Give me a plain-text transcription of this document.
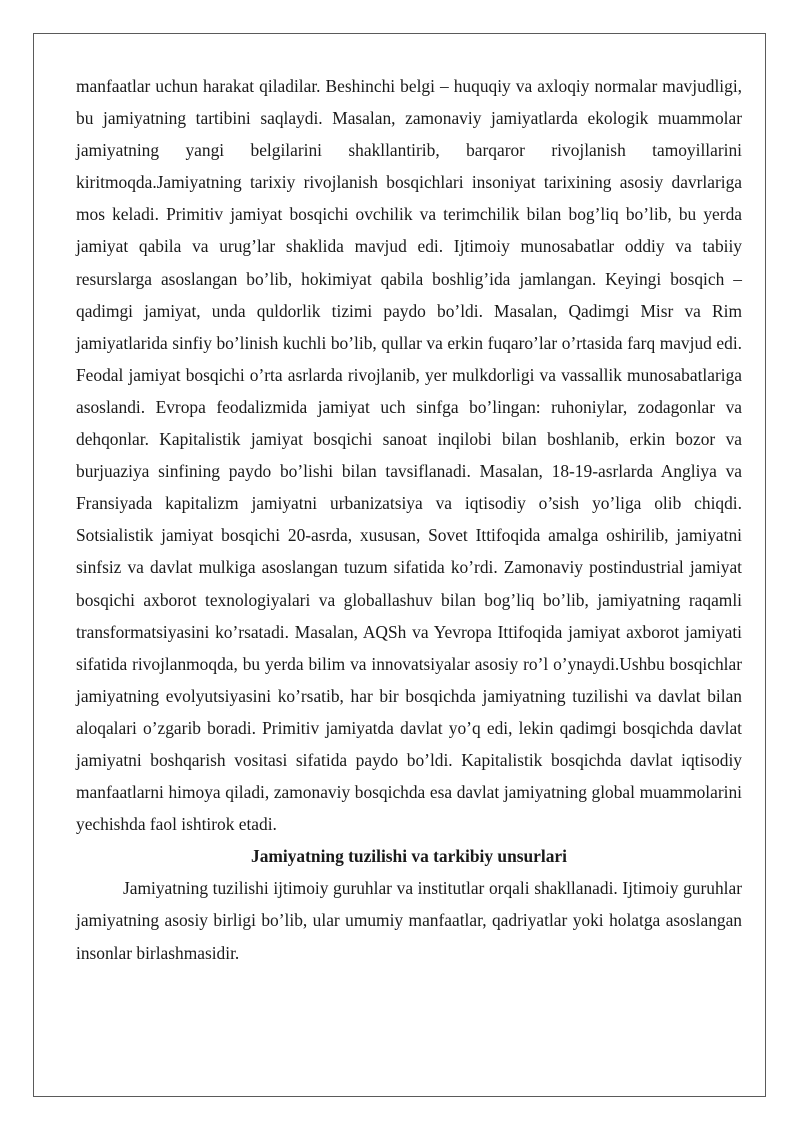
manfaatlar uchun harakat qiladilar. Beshinchi belgi – huquqiy va axloqiy normalar mavjudligi, bu jamiyatning tartibini saqlaydi. Masalan, zamonaviy jamiyatlarda ekologik muammolar jamiyatning yangi belgilarini shakllantirib, barqaror rivojlanish tamoyillarini kiritmoqda.Jamiyatning tarixiy rivojlanish bosqichlari insoniyat tarixining asosiy davrlariga mos keladi. Primitiv jamiyat bosqichi ovchilik va terimchilik bilan bog’liq bo’lib, bu yerda jamiyat qabila va urug’lar shaklida mavjud edi. Ijtimoiy munosabatlar oddiy va tabiiy resurslarga asoslangan bo’lib, hokimiyat qabila boshlig’ida jamlangan. Keyingi bosqich – qadimgi jamiyat, unda quldorlik tizimi paydo bo’ldi. Masalan, Qadimgi Misr va Rim jamiyatlarida sinfiy bo’linish kuchli bo’lib, qullar va erkin fuqaro’lar o’rtasida farq mavjud edi. Feodal jamiyat bosqichi o’rta asrlarda rivojlanib, yer mulkdorligi va vassallik munosabatlariga asoslandi. Evropa feodalizmida jamiyat uch sinfga bo’lingan: ruhoniylar, zodagonlar va dehqonlar. Kapitalistik jamiyat bosqichi sanoat inqilobi bilan boshlanib, erkin bozor va burjuaziya sinfining paydo bo’lishi bilan tavsiflanadi. Masalan, 18-19-asrlarda Angliya va Fransiyada kapitalizm jamiyatni urbanizatsiya va iqtisodiy o’sish yo’liga olib chiqdi. Sotsialistik jamiyat bosqichi 20-asrda, xususan, Sovet Ittifoqida amalga oshirilib, jamiyatni sinfsiz va davlat mulkiga asoslangan tuzum sifatida ko’rdi. Zamonaviy postindustrial jamiyat bosqichi axborot texnologiyalari va globallashuv bilan bog’liq bo’lib, jamiyatning raqamli transformatsiyasini ko’rsatadi. Masalan, AQSh va Yevropa Ittifoqida jamiyat axborot jamiyati sifatida rivojlanmoqda, bu yerda bilim va innovatsiyalar asosiy ro’l o’ynaydi.Ushbu bosqichlar jamiyatning evolyutsiyasini ko’rsatib, har bir bosqichda jamiyatning tuzilishi va davlat bilan aloqalari o’zgarib boradi. Primitiv jamiyatda davlat yo’q edi, lekin qadimgi bosqichda davlat jamiyatni boshqarish vositasi sifatida paydo bo’ldi. Kapitalistik bosqichda davlat iqtisodiy manfaatlarni himoya qiladi, zamonaviy bosqichda esa davlat jamiyatning global muammolarini yechishda faol ishtirok etadi.

Jamiyatning tuzilishi va tarkibiy unsurlari

Jamiyatning tuzilishi ijtimoiy guruhlar va institutlar orqali shakllanadi. Ijtimoiy guruhlar jamiyatning asosiy birligi bo’lib, ular umumiy manfaatlar, qadriyatlar yoki holatga asoslangan insonlar birlashmasidir.
